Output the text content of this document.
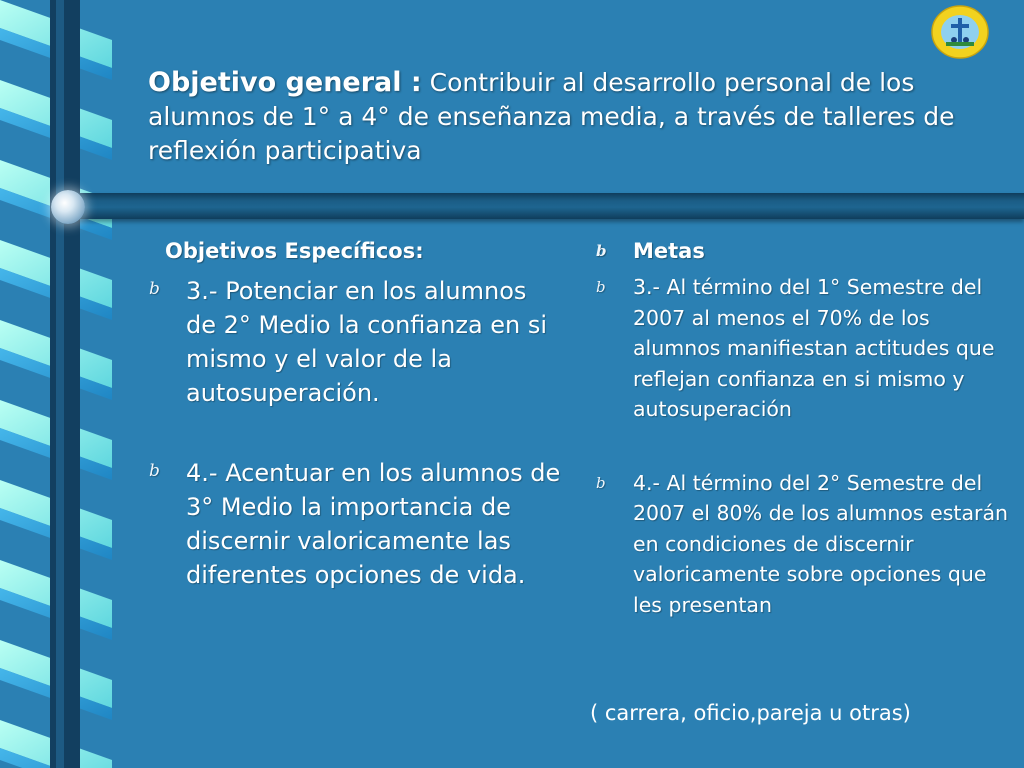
Objetivo general : Contribuir al desarrollo personal de los alumnos de 1° a 4° de enseñanza media, a través de talleres de reflexión participativa
Objetivos Específicos:
b 3.- Potenciar en los alumnos de 2° Medio la confianza en si mismo y el valor de la autosuperación.
b 4.- Acentuar en los alumnos de 3° Medio la importancia de discernir valoricamente las diferentes opciones de vida.
b Metas
b 3.- Al término del 1° Semestre del 2007 al menos el 70% de los alumnos manifiestan actitudes que reflejan confianza en si mismo y autosuperación
b 4.- Al término del 2° Semestre del 2007 el 80% de los alumnos estarán en condiciones de discernir valoricamente sobre opciones que les presentan
( carrera, oficio,pareja u otras)
